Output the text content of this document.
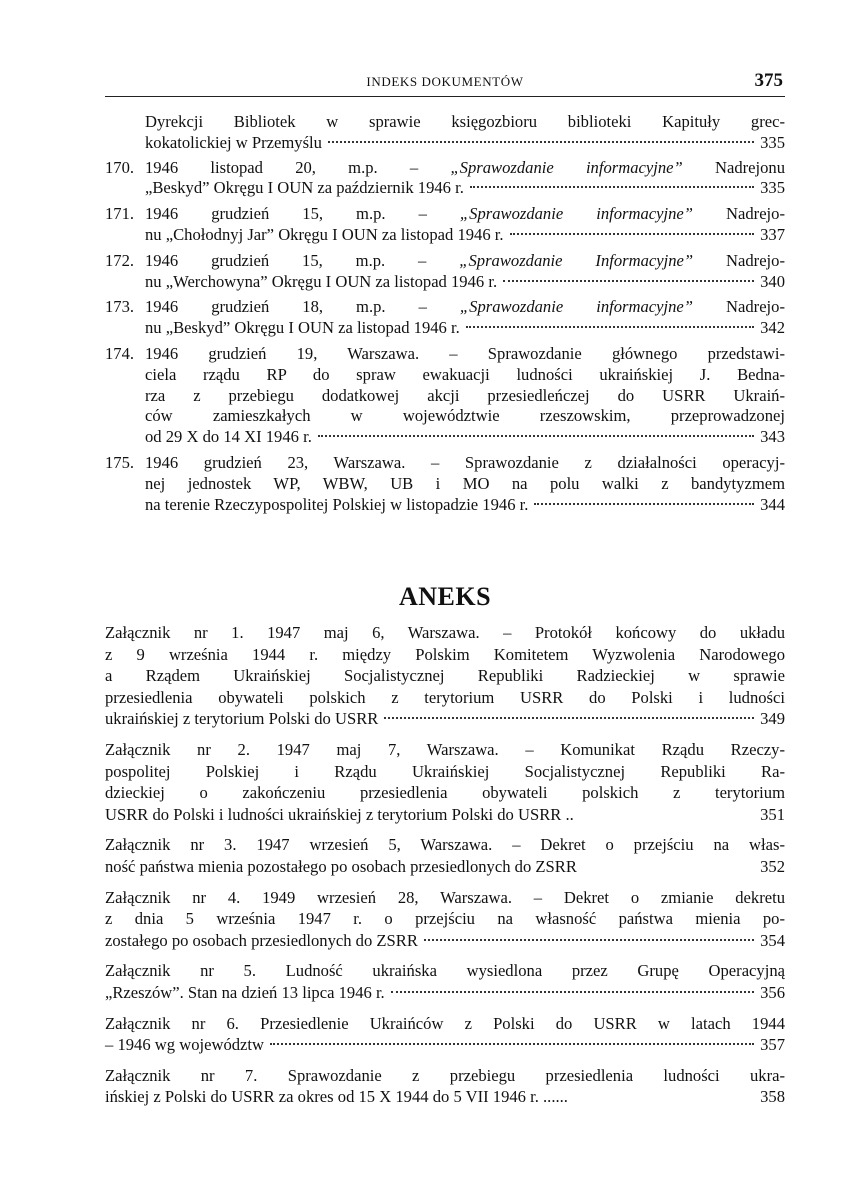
INDEKS DOKUMENTÓW	375
Dyrekcji Bibliotek w sprawie księgozbioru biblioteki Kapituły grec-
kokatolickiej w Przemyślu	335
170. 1946 listopad 20, m.p. – „Sprawozdanie informacyjne” Nadrejonu
„Beskyd” Okręgu I OUN za październik 1946 r.	335
171. 1946 grudzień 15, m.p. – „Sprawozdanie informacyjne” Nadrejo-
nu „Chołodnyj Jar” Okręgu I OUN za listopad 1946 r.	337
172. 1946 grudzień 15, m.p. – „Sprawozdanie Informacyjne” Nadrejo-
nu „Werchowyna” Okręgu I OUN za listopad 1946 r.	340
173. 1946 grudzień 18, m.p. – „Sprawozdanie informacyjne” Nadrejo-
nu „Beskyd” Okręgu I OUN za listopad 1946 r.	342
174. 1946 grudzień 19, Warszawa. – Sprawozdanie głównego przedstawi-
ciela rządu RP do spraw ewakuacji ludności ukraińskiej J. Bedna-
rza z przebiegu dodatkowej akcji przesiedleńczej do USRR Ukraiń-
ców zamieszkałych w województwie rzeszowskim, przeprowadzonej
od 29 X do 14 XI 1946 r.	343
175. 1946 grudzień 23, Warszawa. – Sprawozdanie z działalności operacyj-
nej jednostek WP, WBW, UB i MO na polu walki z bandytyzmem
na terenie Rzeczypospolitej Polskiej w listopadzie 1946 r.	344
ANEKS
Załącznik nr 1. 1947 maj 6, Warszawa. – Protokół końcowy do układu
z 9 września 1944 r. między Polskim Komitetem Wyzwolenia Narodowego
a Rządem Ukraińskiej Socjalistycznej Republiki Radzieckiej w sprawie
przesiedlenia obywateli polskich z terytorium USRR do Polski i ludności
ukraińskiej z terytorium Polski do USRR	349
Załącznik nr 2. 1947 maj 7, Warszawa. – Komunikat Rządu Rzeczy-
pospolitej Polskiej i Rządu Ukraińskiej Socjalistycznej Republiki Ra-
dzieckiej o zakończeniu przesiedlenia obywateli polskich z terytorium
USRR do Polski i ludności ukraińskiej z terytorium Polski do USRR ..	351
Załącznik nr 3. 1947 wrzesień 5, Warszawa. – Dekret o przejściu na włas-
ność państwa mienia pozostałego po osobach przesiedlonych do ZSRR	352
Załącznik nr 4. 1949 wrzesień 28, Warszawa. – Dekret o zmianie dekretu
z dnia 5 września 1947 r. o przejściu na własność państwa mienia po-
zostałego po osobach przesiedlonych do ZSRR	354
Załącznik nr 5. Ludność ukraińska wysiedlona przez Grupę Operacyjną
„Rzeszów”. Stan na dzień 13 lipca 1946 r.	356
Załącznik nr 6. Przesiedlenie Ukraińców z Polski do USRR w latach 1944
– 1946 wg województw	357
Załącznik nr 7. Sprawozdanie z przebiegu przesiedlenia ludności ukra-
ińskiej z Polski do USRR za okres od 15 X 1944 do 5 VII 1946 r. ......	358
